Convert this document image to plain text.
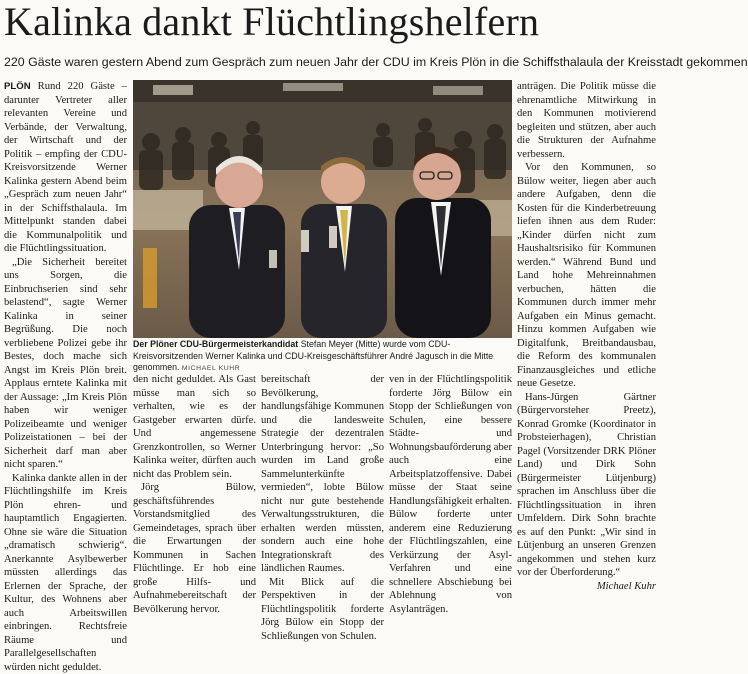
Kalinka dankt Flüchtlingshelfern

220 Gäste waren gestern Abend zum Gespräch zum neuen Jahr der CDU im Kreis Plön in die Schiffsthalaula der Kreisstadt gekommen

PLÖN Rund 220 Gäste – darunter Vertreter aller relevanten Vereine und Verbände, der Verwaltung, der Wirtschaft und der Politik – empfing der CDU-Kreisvorsitzende Werner Kalinka gestern Abend beim „Gespräch zum neuen Jahr“ in der Schiffsthalaula. Im Mittelpunkt standen dabei die Kommunalpolitik und die Flüchtlingssituation.

„Die Sicherheit bereitet uns Sorgen, die Einbruchserien sind sehr belastend“, sagte Werner Kalinka in seiner Begrüßung. Die noch verbliebene Polizei gebe ihr Bestes, doch mache sich Angst im Kreis Plön breit. Applaus erntete Kalinka mit der Aussage: „Im Kreis Plön haben wir weniger Polizeibeamte und weniger Polizeistationen – bei der Sicherheit darf man aber nicht sparen.“

Kalinka dankte allen in der Flüchtlingshilfe im Kreis Plön ehren- und hauptamtlich Engagierten. Ohne sie wäre die Situation „dramatisch schwierig“. Anerkannte Asylbewerber müssten allerdings das Erlernen der Sprache, der Kultur, des Wohnens aber auch Arbeitswillen einbringen. Rechtsfreie Räume und Parallelgesellschaften würden nicht geduldet.

Der Plöner CDU-Bürgermeisterkandidat Stefan Meyer (Mitte) wurde vom CDU-Kreisvorsitzenden Werner Kalinka und CDU-Kreisgeschäftsführer André Jagusch in die Mitte genommen. MICHAEL KUHR

den nicht geduldet. Als Gast müsse man sich so verhalten, wie es der Gastgeber erwarten dürfe. Und angemessene Grenzkontrollen, so Werner Kalinka weiter, dürften auch nicht das Problem sein.

Jörg Bülow, geschäftsführendes Vorstandsmitglied des Gemeindetages, sprach über die Erwartungen der Kommunen in Sachen Flüchtlinge. Er hob eine große Hilfs- und Aufnahmebereitschaft der Bevölkerung hervor.

bereitschaft der Bevölkerung, handlungsfähige Kommunen und die landesweite Strategie der dezentralen Unterbringung hervor: „So wurden im Land große Sammelunterkünfte vermieden“, lobte Bülow nicht nur gute bestehende Verwaltungsstrukturen, die erhalten werden müssten, sondern auch eine hohe Integrationskraft des ländlichen Raumes.

Mit Blick auf die Perspektiven in der Flüchtlingspolitik forderte Jörg Bülow ein Stopp der Schließungen von Schulen.

ven in der Flüchtlingspolitik forderte Jörg Bülow ein Stopp der Schließungen von Schulen, eine bessere Städte- und Wohnungsbauförderung aber auch eine Arbeitsplatzoffensive. Dabei müsse der Staat seine Handlungsfähigkeit erhalten. Bülow forderte unter anderem eine Reduzierung der Flüchtlingszahlen, eine Verkürzung der Asyl-Verfahren und eine schnellere Abschiebung bei Ablehnung von Asylanträgen.

anträgen. Die Politik müsse die ehrenamtliche Mitwirkung in den Kommunen motivierend begleiten und stützen, aber auch die Strukturen der Aufnahme verbessern.

Vor den Kommunen, so Bülow weiter, liegen aber auch andere Aufgaben, denn die Kosten für die Kinderbetreuung liefen ihnen aus dem Ruder: „Kinder dürfen nicht zum Haushaltsrisiko für Kommunen werden.“ Während Bund und Land hohe Mehreinnahmen verbuchen, hätten die Kommunen durch immer mehr Aufgaben ein Minus gemacht. Hinzu kommen Aufgaben wie Digitalfunk, Breitbandausbau, die Reform des kommunalen Finanzausgleiches und etliche neue Gesetze.

Hans-Jürgen Gärtner (Bürgervorsteher Preetz), Konrad Gromke (Koordinator in Probsteierhagen), Christian Pagel (Vorsitzender DRK Plöner Land) und Dirk Sohn (Bürgermeister Lütjenburg) sprachen im Anschluss über die Flüchtlingssituation in ihren Umfeldern. Dirk Sohn brachte es auf den Punkt: „Wir sind in Lütjenburg an unseren Grenzen angekommen und stehen kurz vor der Überforderung.“

Michael Kuhr
